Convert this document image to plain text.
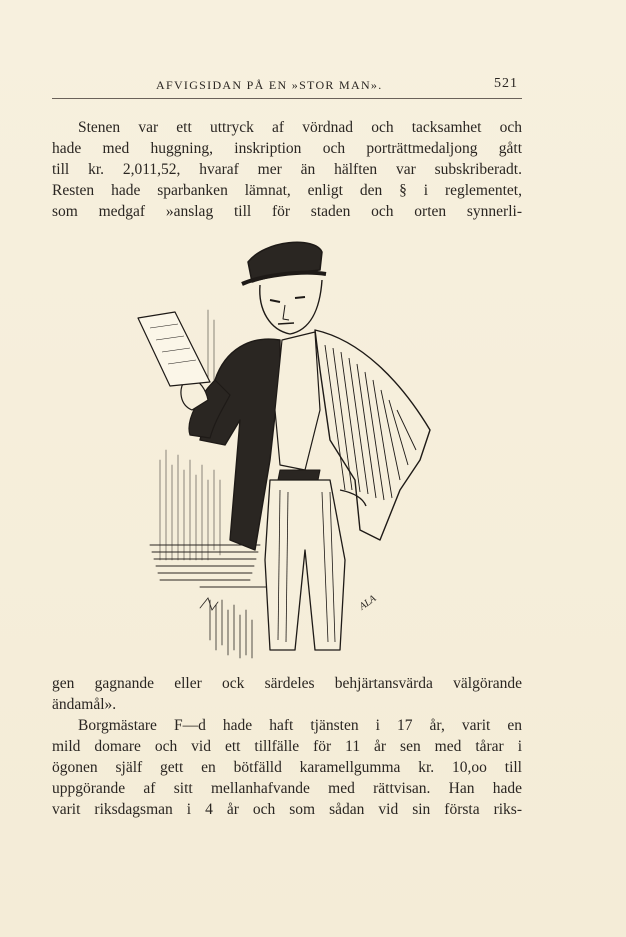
AFVIGSIDAN PÅ EN »STOR MAN».	521
Stenen var ett uttryck af vördnad och tacksamhet och
hade med huggning, inskription och porträttmedaljong gått
till kr. 2,011,52, hvaraf mer än hälften var subskriberadt.
Resten hade sparbanken lämnat, enligt den § i reglementet,
som medgaf »anslag till för staden och orten synnerli-
ALA
gen gagnande eller ock särdeles behjärtansvärda välgörande
ändamål».
Borgmästare F—d hade haft tjänsten i 17 år, varit en
mild domare och vid ett tillfälle för 11 år sen med tårar i
ögonen själf gett en bötfälld karamellgumma kr. 10,oo till
uppgörande af sitt mellanhafvande med rättvisan. Han hade
varit riksdagsman i 4 år och som sådan vid sin första riks-
